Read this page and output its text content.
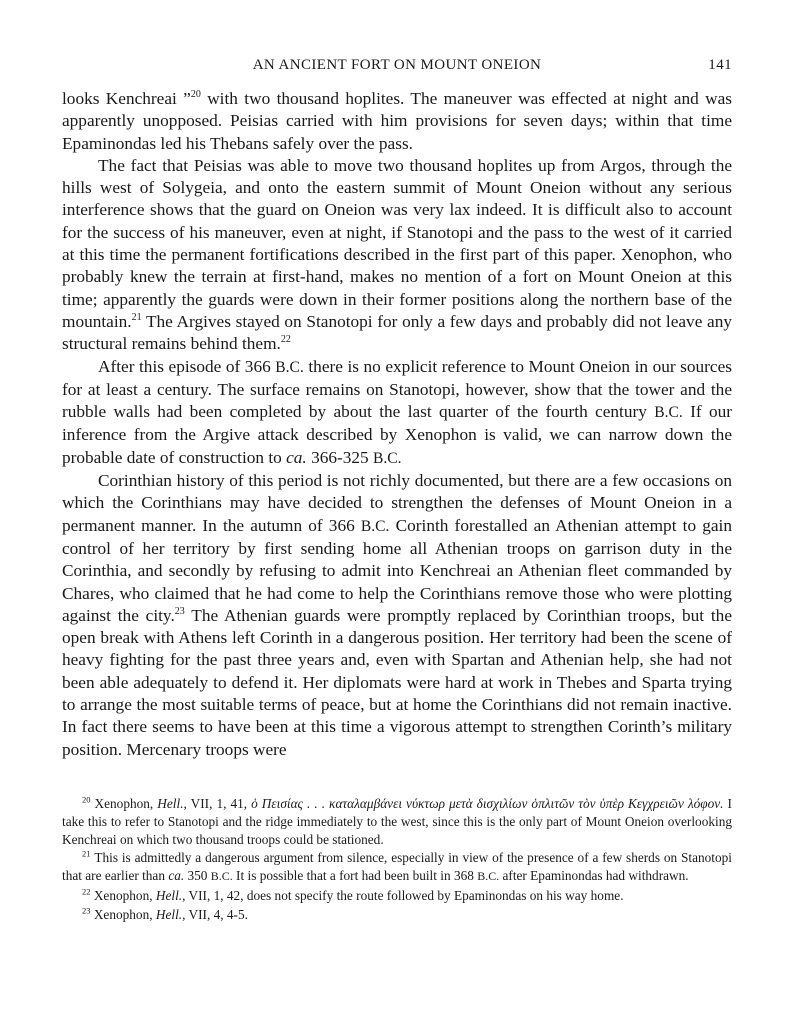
AN ANCIENT FORT ON MOUNT ONEION	141

looks Kenchreai ”$^{20}$ with two thousand hoplites. The maneuver was effected at night and was apparently unopposed. Peisias carried with him provisions for seven days; within that time Epaminondas led his Thebans safely over the pass.

The fact that Peisias was able to move two thousand hoplites up from Argos, through the hills west of Solygeia, and onto the eastern summit of Mount Oneion without any serious interference shows that the guard on Oneion was very lax indeed. It is difficult also to account for the success of his maneuver, even at night, if Stanotopi and the pass to the west of it carried at this time the permanent fortifications described in the first part of this paper. Xenophon, who probably knew the terrain at first-hand, makes no mention of a fort on Mount Oneion at this time; apparently the guards were down in their former positions along the northern base of the mountain.$^{21}$ The Argives stayed on Stanotopi for only a few days and probably did not leave any structural remains behind them.$^{22}$

After this episode of 366 B.C. there is no explicit reference to Mount Oneion in our sources for at least a century. The surface remains on Stanotopi, however, show that the tower and the rubble walls had been completed by about the last quarter of the fourth century B.C. If our inference from the Argive attack described by Xenophon is valid, we can narrow down the probable date of construction to ca. 366-325 B.C.

Corinthian history of this period is not richly documented, but there are a few occasions on which the Corinthians may have decided to strengthen the defenses of Mount Oneion in a permanent manner. In the autumn of 366 B.C. Corinth forestalled an Athenian attempt to gain control of her territory by first sending home all Athenian troops on garrison duty in the Corinthia, and secondly by refusing to admit into Kenchreai an Athenian fleet commanded by Chares, who claimed that he had come to help the Corinthians remove those who were plotting against the city.$^{23}$ The Athenian guards were promptly replaced by Corinthian troops, but the open break with Athens left Corinth in a dangerous position. Her territory had been the scene of heavy fighting for the past three years and, even with Spartan and Athenian help, she had not been able adequately to defend it. Her diplomats were hard at work in Thebes and Sparta trying to arrange the most suitable terms of peace, but at home the Corinthians did not remain inactive. In fact there seems to have been at this time a vigorous attempt to strengthen Corinth’s military position. Mercenary troops were

$^{20}$ Xenophon, Hell., VII, 1, 41, ὁ Πεισίας . . . καταλαμβάνει νύκτωρ μετὰ δισχιλίων ὁπλιτῶν τὸν ὑπὲρ Κεγχρειῶν λόφον. I take this to refer to Stanotopi and the ridge immediately to the west, since this is the only part of Mount Oneion overlooking Kenchreai on which two thousand troops could be stationed.

$^{21}$ This is admittedly a dangerous argument from silence, especially in view of the presence of a few sherds on Stanotopi that are earlier than ca. 350 B.C. It is possible that a fort had been built in 368 B.C. after Epaminondas had withdrawn.

$^{22}$ Xenophon, Hell., VII, 1, 42, does not specify the route followed by Epaminondas on his way home.

$^{23}$ Xenophon, Hell., VII, 4, 4-5.
